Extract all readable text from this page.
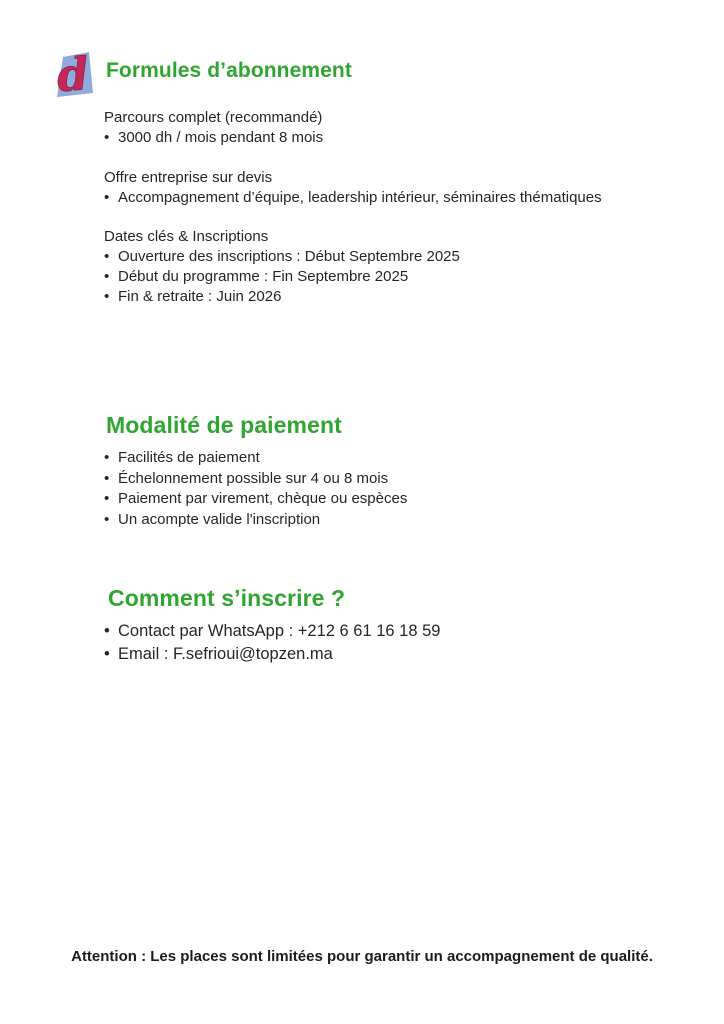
d Formules d’abonnement
Parcours complet (recommandé)
• 3000 dh / mois pendant 8 mois
Offre entreprise sur devis
• Accompagnement d’équipe, leadership intérieur, séminaires thématiques
Dates clés & Inscriptions
• Ouverture des inscriptions : Début Septembre 2025
• Début du programme : Fin Septembre 2025
• Fin & retraite : Juin 2026
Modalité de paiement
• Facilités de paiement
• Échelonnement possible sur 4 ou 8 mois
• Paiement par virement, chèque ou espèces
• Un acompte valide l'inscription
Comment s’inscrire ?
• Contact par WhatsApp : +212 6 61 16 18 59
• Email : F.sefrioui@topzen.ma
Attention : Les places sont limitées pour garantir un accompagnement de qualité.
